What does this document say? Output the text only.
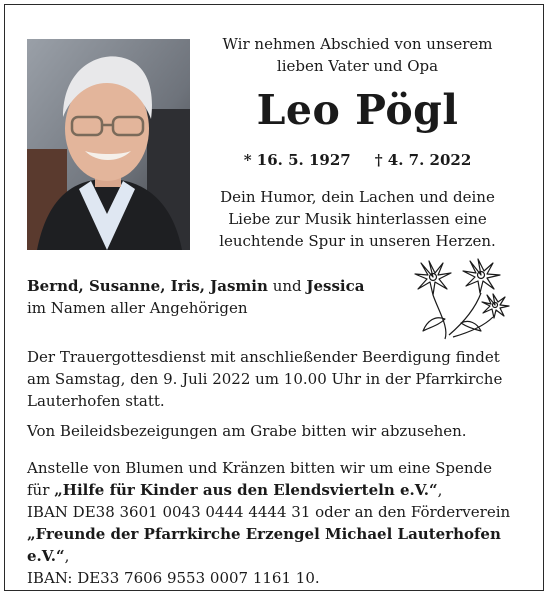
Wir nehmen Abschied von unserem
lieben Vater und Opa
Leo Pögl
* 16. 5. 1927 † 4. 7. 2022
Dein Humor, dein Lachen und deine
Liebe zur Musik hinterlassen eine
leuchtende Spur in unseren Herzen.
Bernd, Susanne, Iris, Jasmin und Jessica
im Namen aller Angehörigen
Der Trauergottesdienst mit anschließender Beerdigung findet
am Samstag, den 9. Juli 2022 um 10.00 Uhr in der Pfarrkirche
Lauterhofen statt.
Von Beileidsbezeigungen am Grabe bitten wir abzusehen.
Anstelle von Blumen und Kränzen bitten wir um eine Spende
für „Hilfe für Kinder aus den Elendsvierteln e.V.“,
IBAN DE38 3601 0043 0444 4444 31 oder an den Förderverein
„Freunde der Pfarrkirche Erzengel Michael Lauterhofen e.V.“,
IBAN: DE33 7606 9553 0007 1161 10.
